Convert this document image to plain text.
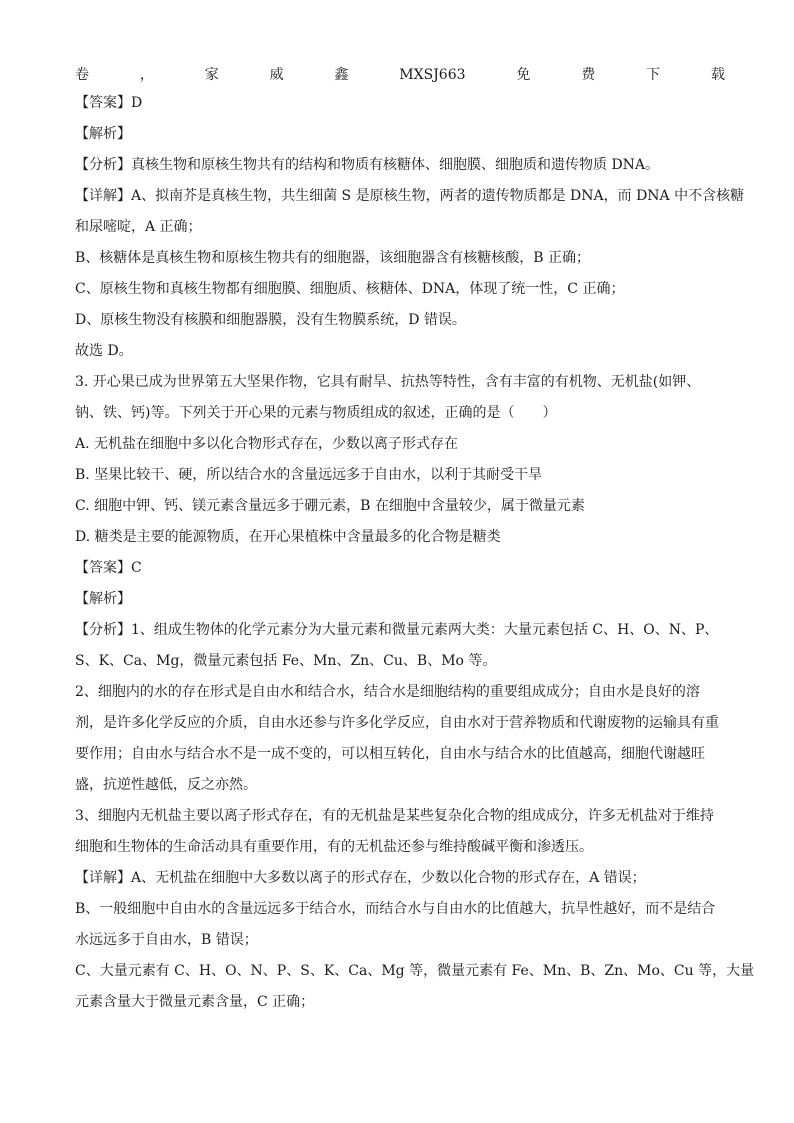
卷	，	家	威	鑫	MXSJ663	免	费	下	载
【答案】D
【解析】
【分析】真核生物和原核生物共有的结构和物质有核糖体、细胞膜、细胞质和遗传物质 DNA。
【详解】A、拟南芥是真核生物，共生细菌 S 是原核生物，两者的遗传物质都是 DNA，而 DNA 中不含核糖
和尿嘧啶，A 正确；
B、核糖体是真核生物和原核生物共有的细胞器，该细胞器含有核糖核酸，B 正确；
C、原核生物和真核生物都有细胞膜、细胞质、核糖体、DNA，体现了统一性，C 正确；
D、原核生物没有核膜和细胞器膜，没有生物膜系统，D 错误。
故选 D。
3. 开心果已成为世界第五大坚果作物，它具有耐旱、抗热等特性，含有丰富的有机物、无机盐(如钾、
钠、铁、钙)等。下列关于开心果的元素与物质组成的叙述，正确的是（　　）
A. 无机盐在细胞中多以化合物形式存在，少数以离子形式存在
B. 坚果比较干、硬，所以结合水的含量远远多于自由水，以利于其耐受干旱
C. 细胞中钾、钙、镁元素含量远多于硼元素，B 在细胞中含量较少，属于微量元素
D. 糖类是主要的能源物质，在开心果植株中含量最多的化合物是糖类
【答案】C
【解析】
【分析】1、组成生物体的化学元素分为大量元素和微量元素两大类：大量元素包括 C、H、O、N、P、
S、K、Ca、Mg，微量元素包括 Fe、Mn、Zn、Cu、B、Mo 等。
2、细胞内的水的存在形式是自由水和结合水，结合水是细胞结构的重要组成成分；自由水是良好的溶
剂，是许多化学反应的介质，自由水还参与许多化学反应，自由水对于营养物质和代谢废物的运输具有重
要作用；自由水与结合水不是一成不变的，可以相互转化，自由水与结合水的比值越高，细胞代谢越旺
盛，抗逆性越低，反之亦然。
3、细胞内无机盐主要以离子形式存在，有的无机盐是某些复杂化合物的组成成分，许多无机盐对于维持
细胞和生物体的生命活动具有重要作用，有的无机盐还参与维持酸碱平衡和渗透压。
【详解】A、无机盐在细胞中大多数以离子的形式存在，少数以化合物的形式存在，A 错误；
B、一般细胞中自由水的含量远远多于结合水，而结合水与自由水的比值越大，抗旱性越好，而不是结合
水远远多于自由水，B 错误；
C、大量元素有 C、H、O、N、P、S、K、Ca、Mg 等，微量元素有 Fe、Mn、B、Zn、Mo、Cu 等，大量
元素含量大于微量元素含量，C 正确；
